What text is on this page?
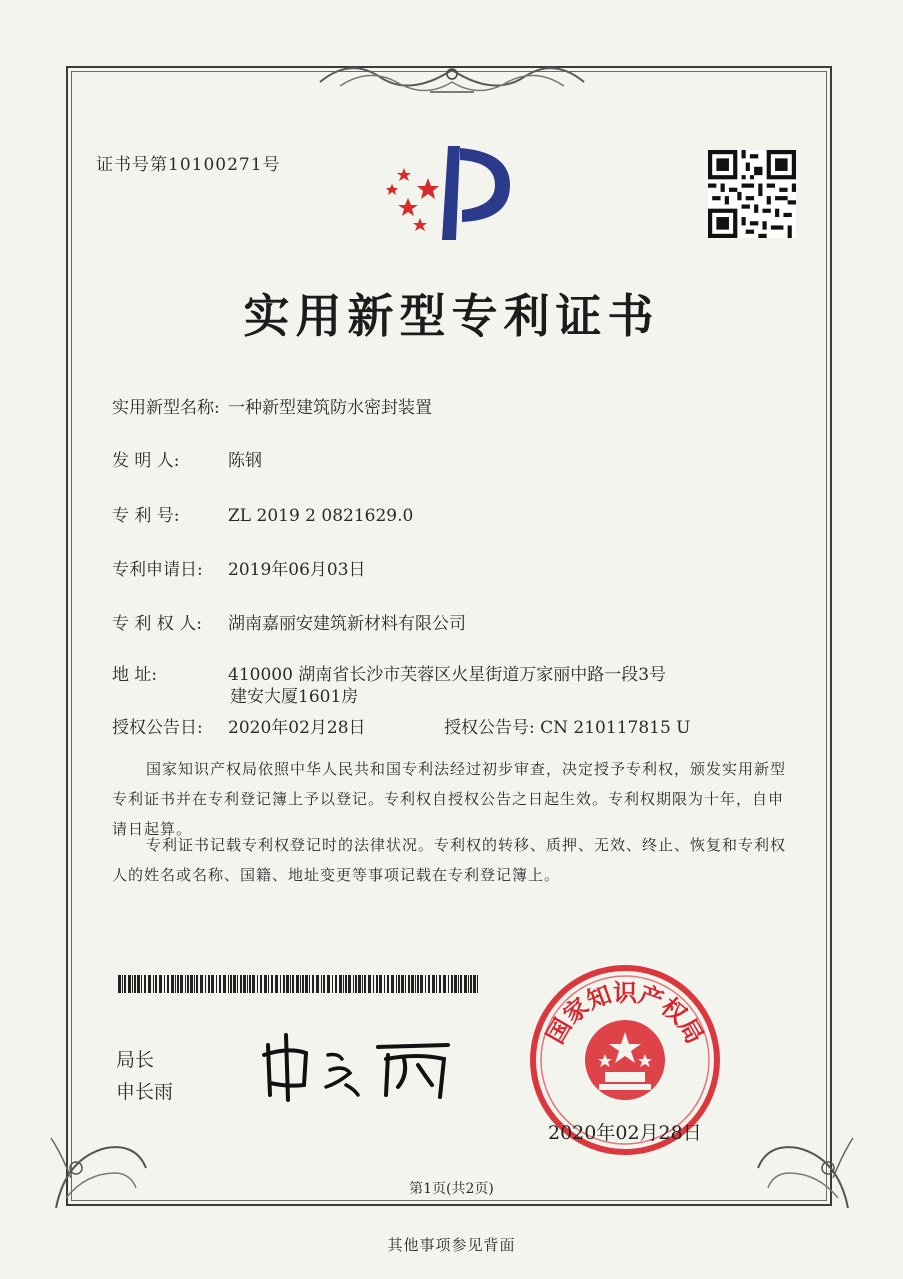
证书号第10100271号
实用新型专利证书
实用新型名称: 一种新型建筑防水密封装置
发 明 人:	陈钢
专 利 号:	ZL 2019 2 0821629.0
专利申请日: 2019年06月03日
专 利 权 人: 湖南嘉丽安建筑新材料有限公司
地 址:	410000 湖南省长沙市芙蓉区火星街道万家丽中路一段3号
建安大厦1601房
授权公告日: 2020年02月28日	授权公告号: CN 210117815 U
国家知识产权局依照中华人民共和国专利法经过初步审查，决定授予专利权，颁发实用新型专利证书并在专利登记簿上予以登记。专利权自授权公告之日起生效。专利权期限为十年，自申请日起算。
专利证书记载专利权登记时的法律状况。专利权的转移、质押、无效、终止、恢复和专利权人的姓名或名称、国籍、地址变更等事项记载在专利登记簿上。
局长
申长雨
国
家
知
识
产
权
局
2020年02月28日
第1页(共2页)
其他事项参见背面
